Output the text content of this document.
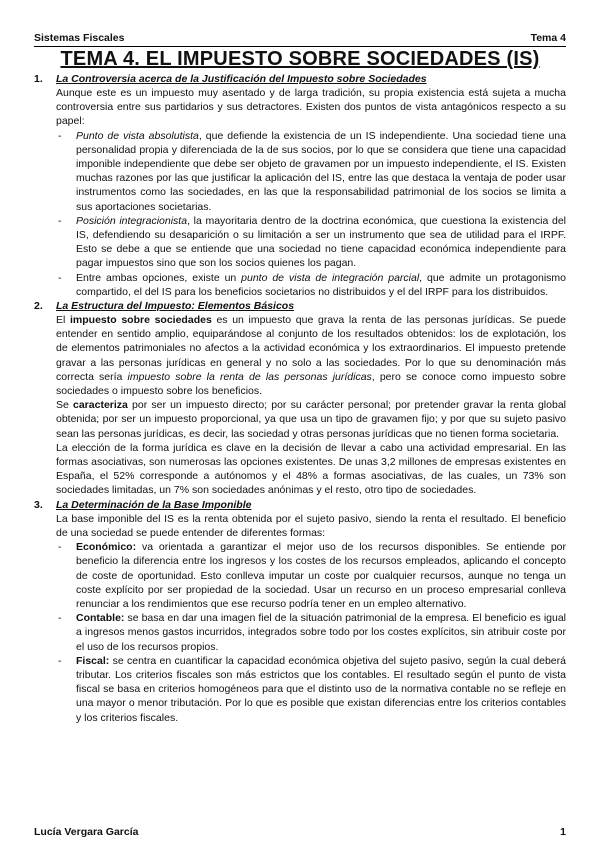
Sistemas Fiscales	Tema 4
TEMA 4. EL IMPUESTO SOBRE SOCIEDADES (IS)
1.	La Controversia acerca de la Justificación del Impuesto sobre Sociedades
Aunque este es un impuesto muy asentado y de larga tradición, su propia existencia está sujeta a mucha controversia entre sus partidarios y sus detractores. Existen dos puntos de vista antagónicos respecto a su papel:
-	Punto de vista absolutista, que defiende la existencia de un IS independiente. Una sociedad tiene una personalidad propia y diferenciada de la de sus socios, por lo que se considera que tiene una capacidad imponible independiente que debe ser objeto de gravamen por un impuesto independiente, el IS. Existen muchas razones por las que justificar la aplicación del IS, entre las que destaca la ventaja de poder usar instrumentos como las sociedades, en las que la responsabilidad patrimonial de los socios se limita a sus aportaciones societarias.
-	Posición integracionista, la mayoritaria dentro de la doctrina económica, que cuestiona la existencia del IS, defendiendo su desaparición o su limitación a ser un instrumento que sea de utilidad para el IRPF. Esto se debe a que se entiende que una sociedad no tiene capacidad económica independiente para pagar impuestos sino que son los socios quienes los pagan.
-	Entre ambas opciones, existe un punto de vista de integración parcial, que admite un protagonismo compartido, el del IS para los beneficios societarios no distribuidos y el del IRPF para los distribuidos.
2.	La Estructura del Impuesto: Elementos Básicos
El impuesto sobre sociedades es un impuesto que grava la renta de las personas jurídicas. Se puede entender en sentido amplio, equiparándose al conjunto de los resultados obtenidos: los de explotación, los de elementos patrimoniales no afectos a la actividad económica y los extraordinarios. El impuesto pretende gravar a las personas jurídicas en general y no solo a las sociedades. Por lo que su denominación más correcta sería impuesto sobre la renta de las personas jurídicas, pero se conoce como impuesto sobre sociedades o impuesto sobre los beneficios.
Se caracteriza por ser un impuesto directo; por su carácter personal; por pretender gravar la renta global obtenida; por ser un impuesto proporcional, ya que usa un tipo de gravamen fijo; y por que su sujeto pasivo sean las personas jurídicas, es decir, las sociedad y otras personas jurídicas que no tienen forma societaria.
La elección de la forma jurídica es clave en la decisión de llevar a cabo una actividad empresarial. En las formas asociativas, son numerosas las opciones existentes. De unas 3,2 millones de empresas existentes en España, el 52% corresponde a autónomos y el 48% a formas asociativas, de las cuales, un 73% son sociedades limitadas, un 7% son sociedades anónimas y el resto, otro tipo de sociedades.
3.	La Determinación de la Base Imponible
La base imponible del IS es la renta obtenida por el sujeto pasivo, siendo la renta el resultado. El beneficio de una sociedad se puede entender de diferentes formas:
-	Económico: va orientada a garantizar el mejor uso de los recursos disponibles. Se entiende por beneficio la diferencia entre los ingresos y los costes de los recursos empleados, aplicando el concepto de coste de oportunidad. Esto conlleva imputar un coste por cualquier recursos, aunque no tenga un coste explícito por ser propiedad de la sociedad. Usar un recurso en un proceso empresarial conlleva renunciar a los rendimientos que ese recurso podría tener en un empleo alternativo.
-	Contable: se basa en dar una imagen fiel de la situación patrimonial de la empresa. El beneficio es igual a ingresos menos gastos incurridos, integrados sobre todo por los costes explícitos, sin atribuir coste por el uso de los recursos propios.
-	Fiscal: se centra en cuantificar la capacidad económica objetiva del sujeto pasivo, según la cual deberá tributar. Los criterios fiscales son más estrictos que los contables. El resultado según el punto de vista fiscal se basa en criterios homogéneos para que el distinto uso de la normativa contable no se refleje en una mayor o menor tributación. Por lo que es posible que existan diferencias entre los criterios contables y los criterios fiscales.
Lucía Vergara García	1
